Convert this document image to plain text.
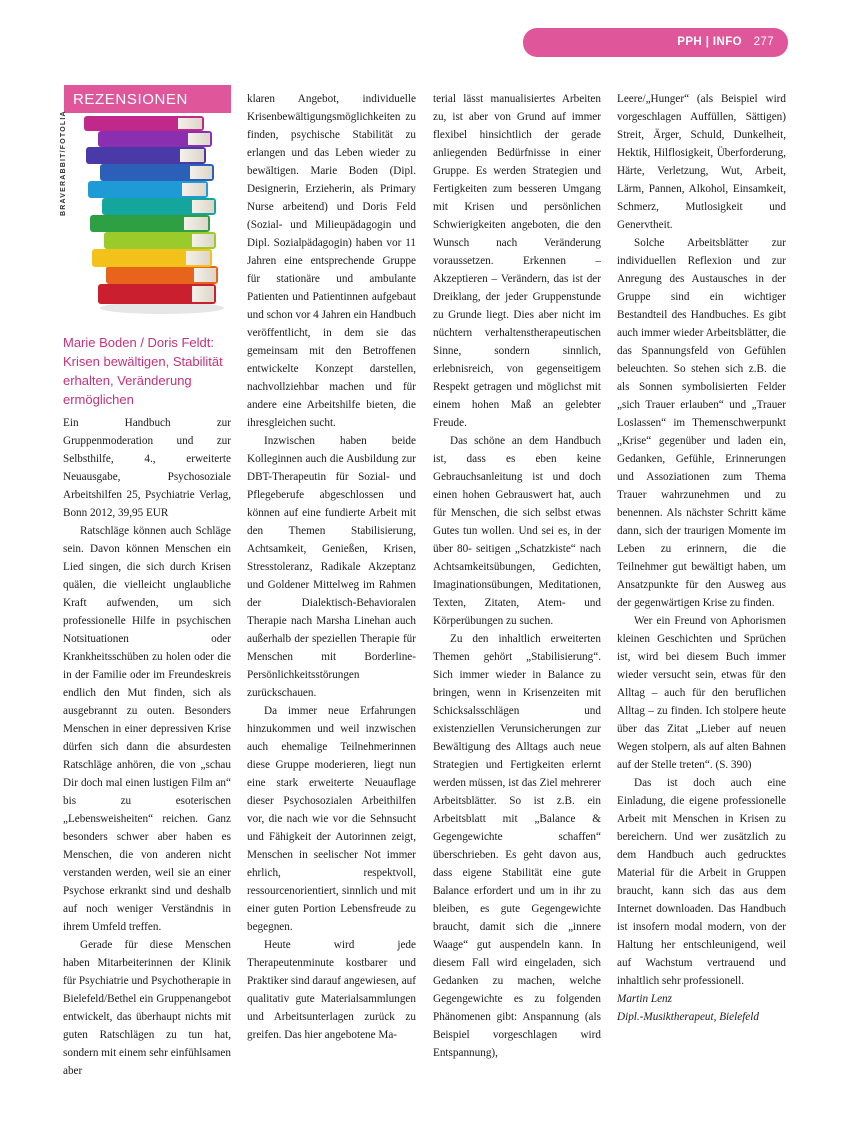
PPH | INFO 277
REZENSIONEN
BRAVERABBIT/FOTOLIA
Marie Boden / Doris Feldt: Krisen bewältigen, Stabilität erhalten, Veränderung ermöglichen

Ein Handbuch zur Gruppenmoderation und zur Selbsthilfe, 4., erweiterte Neuausgabe, Psychosoziale Arbeitshilfen 25, Psychiatrie Verlag, Bonn 2012, 39,95 EUR

Ratschläge können auch Schläge sein. Davon können Menschen ein Lied singen, die sich durch Krisen quälen, die vielleicht unglaubliche Kraft aufwenden, um sich professionelle Hilfe in psychischen Notsituationen oder Krankheitsschüben zu holen oder die in der Familie oder im Freundeskreis endlich den Mut finden, sich als ausgebrannt zu outen. Besonders Menschen in einer depressiven Krise dürfen sich dann die absurdesten Ratschläge anhören, die von „schau Dir doch mal einen lustigen Film an“ bis zu esoterischen „Lebensweisheiten“ reichen. Ganz besonders schwer aber haben es Menschen, die von anderen nicht verstanden werden, weil sie an einer Psychose erkrankt sind und deshalb auf noch weniger Verständnis in ihrem Umfeld treffen.

Gerade für diese Menschen haben Mitarbeiterinnen der Klinik für Psychiatrie und Psychotherapie in Bielefeld/Bethel ein Gruppenangebot entwickelt, das überhaupt nichts mit guten Ratschlägen zu tun hat, sondern mit einem sehr einfühlsamen aber

klaren Angebot, individuelle Krisenbewältigungsmöglichkeiten zu finden, psychische Stabilität zu erlangen und das Leben wieder zu bewältigen. Marie Boden (Dipl. Designerin, Erzieherin, als Primary Nurse arbeitend) und Doris Feld (Sozial- und Milieupädagogin und Dipl. Sozialpädagogin) haben vor 11 Jahren eine entsprechende Gruppe für stationäre und ambulante Patienten und Patientinnen aufgebaut und schon vor 4 Jahren ein Handbuch veröffentlicht, in dem sie das gemeinsam mit den Betroffenen entwickelte Konzept darstellen, nachvollziehbar machen und für andere eine Arbeitshilfe bieten, die ihresgleichen sucht.

Inzwischen haben beide Kolleginnen auch die Ausbildung zur DBT-Therapeutin für Sozial- und Pflegeberufe abgeschlossen und können auf eine fundierte Arbeit mit den Themen Stabilisierung, Achtsamkeit, Genießen, Krisen, Stresstoleranz, Radikale Akzeptanz und Goldener Mittelweg im Rahmen der Dialektisch-Behavioralen Therapie nach Marsha Linehan auch außerhalb der speziellen Therapie für Menschen mit Borderline-Persönlichkeitsstörungen zurückschauen.

Da immer neue Erfahrungen hinzukommen und weil inzwischen auch ehemalige Teilnehmerinnen diese Gruppe moderieren, liegt nun eine stark erweiterte Neuauflage dieser Psychosozialen Arbeithilfen vor, die nach wie vor die Sehnsucht und Fähigkeit der Autorinnen zeigt, Menschen in seelischer Not immer ehrlich, respektvoll, ressourcenorientiert, sinnlich und mit einer guten Portion Lebensfreude zu begegnen.

Heute wird jede Therapeutenminute kostbarer und Praktiker sind darauf angewiesen, auf qualitativ gute Materialsammlungen und Arbeitsunterlagen zurück zu greifen. Das hier angebotene Ma-

terial lässt manualisiertes Arbeiten zu, ist aber von Grund auf immer flexibel hinsichtlich der gerade anliegenden Bedürfnisse in einer Gruppe. Es werden Strategien und Fertigkeiten zum besseren Umgang mit Krisen und persönlichen Schwierigkeiten angeboten, die den Wunsch nach Veränderung voraussetzen. Erkennen – Akzeptieren – Verändern, das ist der Dreiklang, der jeder Gruppenstunde zu Grunde liegt. Dies aber nicht im nüchtern verhaltenstherapeutischen Sinne, sondern sinnlich, erlebnisreich, von gegenseitigem Respekt getragen und möglichst mit einem hohen Maß an gelebter Freude.

Das schöne an dem Handbuch ist, dass es eben keine Gebrauchsanleitung ist und doch einen hohen Gebrauswert hat, auch für Menschen, die sich selbst etwas Gutes tun wollen. Und sei es, in der über 80- seitigen „Schatzkiste“ nach Achtsamkeitsübungen, Gedichten, Imaginationsübungen, Meditationen, Texten, Zitaten, Atem- und Körperübungen zu suchen.

Zu den inhaltlich erweiterten Themen gehört „Stabilisierung“. Sich immer wieder in Balance zu bringen, wenn in Krisenzeiten mit Schicksalsschlägen und existenziellen Verunsicherungen zur Bewältigung des Alltags auch neue Strategien und Fertigkeiten erlernt werden müssen, ist das Ziel mehrerer Arbeitsblätter. So ist z.B. ein Arbeitsblatt mit „Balance & Gegengewichte schaffen“ überschrieben. Es geht davon aus, dass eigene Stabilität eine gute Balance erfordert und um in ihr zu bleiben, es gute Gegengewichte braucht, damit sich die „innere Waage“ gut auspendeln kann. In diesem Fall wird eingeladen, sich Gedanken zu machen, welche Gegengewichte es zu folgenden Phänomenen gibt: Anspannung (als Beispiel vorgeschlagen wird Entspannung),

Leere/„Hunger“ (als Beispiel wird vorgeschlagen Auffüllen, Sättigen) Streit, Ärger, Schuld, Dunkelheit, Hektik, Hilflosigkeit, Überforderung, Härte, Verletzung, Wut, Arbeit, Lärm, Pannen, Alkohol, Einsamkeit, Schmerz, Mutlosigkeit und Genervtheit.

Solche Arbeitsblätter zur individuellen Reflexion und zur Anregung des Austausches in der Gruppe sind ein wichtiger Bestandteil des Handbuches. Es gibt auch immer wieder Arbeitsblätter, die das Spannungsfeld von Gefühlen beleuchten. So stehen sich z.B. die als Sonnen symbolisierten Felder „sich Trauer erlauben“ und „Trauer Loslassen“ im Themenschwerpunkt „Krise“ gegenüber und laden ein, Gedanken, Gefühle, Erinnerungen und Assoziationen zum Thema Trauer wahrzunehmen und zu benennen. Als nächster Schritt käme dann, sich der traurigen Momente im Leben zu erinnern, die die Teilnehmer gut bewältigt haben, um Ansatzpunkte für den Ausweg aus der gegenwärtigen Krise zu finden.

Wer ein Freund von Aphorismen kleinen Geschichten und Sprüchen ist, wird bei diesem Buch immer wieder versucht sein, etwas für den Alltag – auch für den beruflichen Alltag – zu finden. Ich stolpere heute über das Zitat „Lieber auf neuen Wegen stolpern, als auf alten Bahnen auf der Stelle treten“. (S. 390)

Das ist doch auch eine Einladung, die eigene professionelle Arbeit mit Menschen in Krisen zu bereichern. Und wer zusätzlich zu dem Handbuch auch gedrucktes Material für die Arbeit in Gruppen braucht, kann sich das aus dem Internet downloaden. Das Handbuch ist insofern modal modern, von der Haltung her entschleunigend, weil auf Wachstum vertrauend und inhaltlich sehr professionell.

Martin Lenz

Dipl.-Musiktherapeut, Bielefeld
